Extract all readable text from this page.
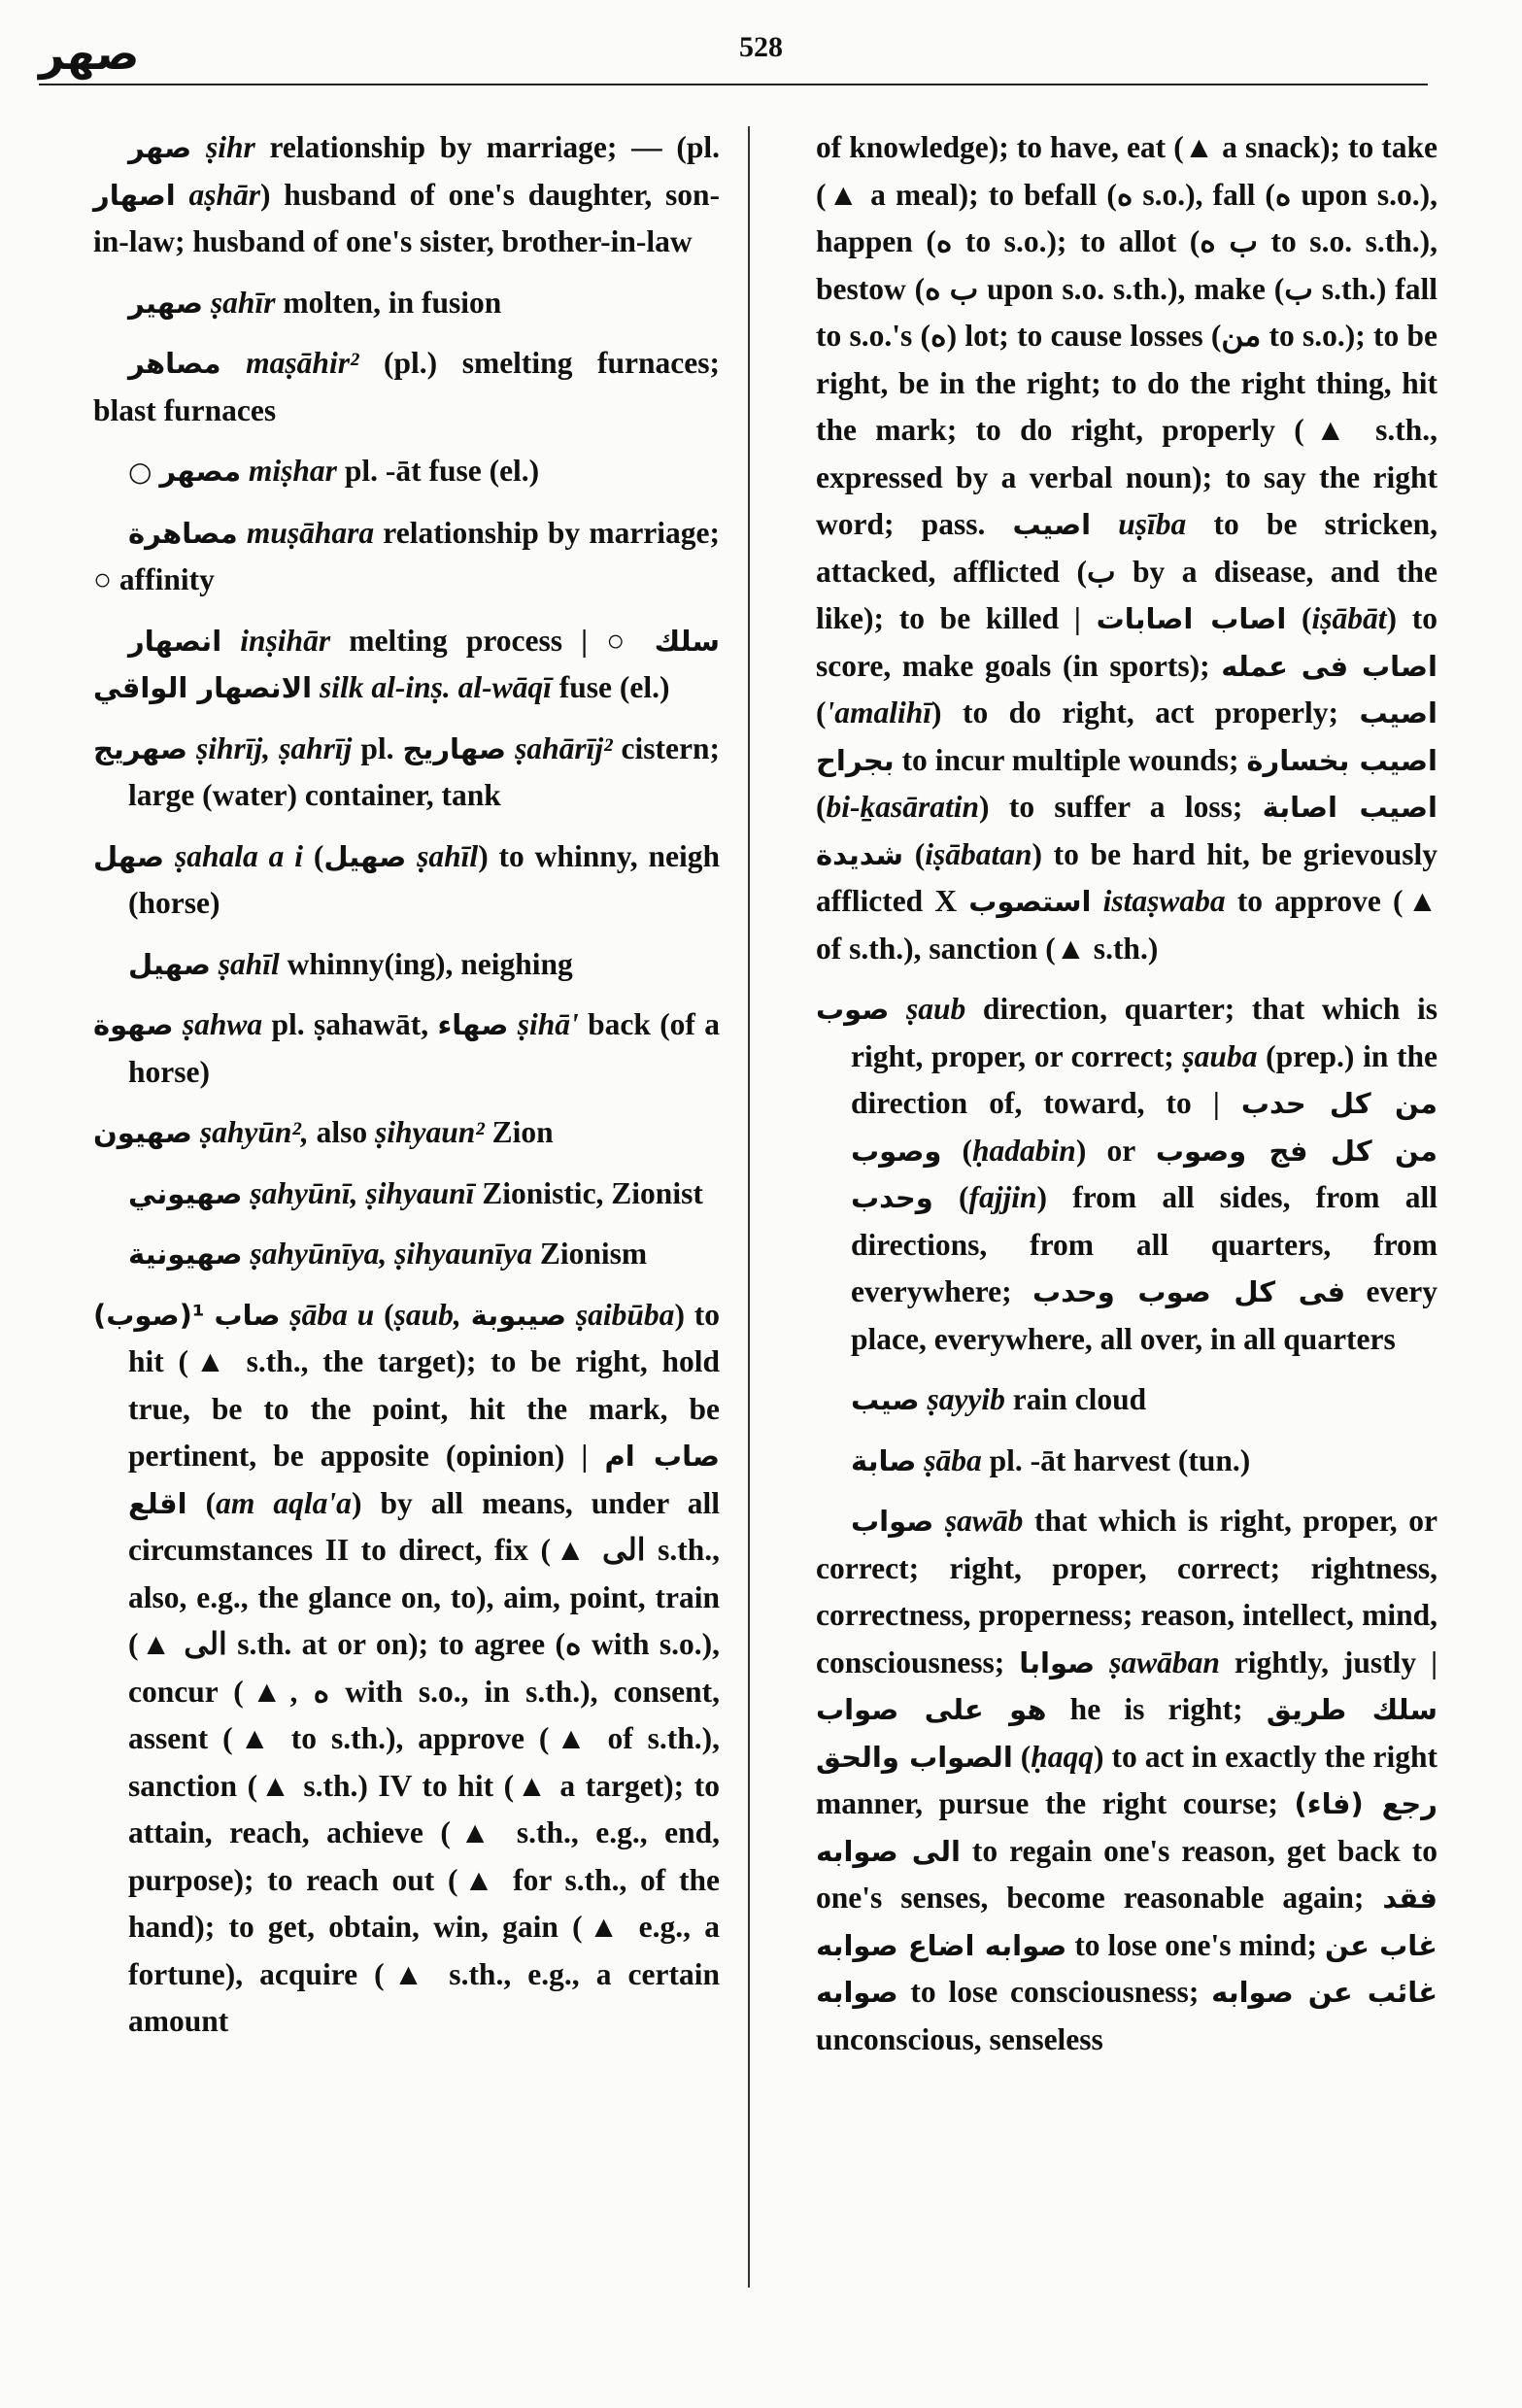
صهر	528

صهر ṣihr relationship by marriage; — (pl. اصهار aṣhār) husband of one's daughter, son-in-law; husband of one's sister, brother-in-law

صهير ṣahīr molten, in fusion

مصاهر maṣāhir² (pl.) smelting furnaces; blast furnaces

○ مصهر miṣhar pl. -āt fuse (el.)

مصاهرة muṣāhara relationship by marriage; ○ affinity

انصهار inṣihār melting process | ○ سلك الانصهار الواقي silk al-inṣ. al-wāqī fuse (el.)

صهريج ṣihrīj, ṣahrīj pl. صهاريج ṣahārīj² cistern; large (water) container, tank

صهل ṣahala a i (صهيل ṣahīl) to whinny, neigh (horse)

صهيل ṣahīl whinny(ing), neighing

صهوة ṣahwa pl. ṣahawāt, صهاء ṣihā' back (of a horse)

صهيون ṣahyūn², also ṣihyaun² Zion

صهيوني ṣahyūnī, ṣihyaunī Zionistic, Zionist

صهيونية ṣahyūnīya, ṣihyaunīya Zionism

¹(صوب) صاب ṣāba u (ṣaub, صيبوبة ṣaibūba) to hit (▲ s.th., the target); to be right, hold true, be to the point, hit the mark, be pertinent, be apposite (opinion) | صاب ام اقلع (am aqla'a) by all means, under all circumstances II to direct, fix (▲ الى s.th., also, e.g., the glance on, to), aim, point, train (▲ الى s.th. at or on); to agree (ه with s.o.), concur (▲, ه with s.o., in s.th.), consent, assent (▲ to s.th.), approve (▲ of s.th.), sanction (▲ s.th.) IV to hit (▲ a target); to attain, reach, achieve (▲ s.th., e.g., end, purpose); to reach out (▲ for s.th., of the hand); to get, obtain, win, gain (▲ e.g., a fortune), acquire (▲ s.th., e.g., a certain amount

of knowledge); to have, eat (▲ a snack); to take (▲ a meal); to befall (ه s.o.), fall (ه upon s.o.), happen (ه to s.o.); to allot (ب ه to s.o. s.th.), bestow (ب ه upon s.o. s.th.), make (ب s.th.) fall to s.o.'s (ه) lot; to cause losses (من to s.o.); to be right, be in the right; to do the right thing, hit the mark; to do right, properly (▲ s.th., expressed by a verbal noun); to say the right word; pass. اصيب uṣība to be stricken, attacked, afflicted (ب by a disease, and the like); to be killed | اصاب اصابات (iṣābāt) to score, make goals (in sports); اصاب فى عمله ('amalihī) to do right, act properly; اصيب بجراح to incur multiple wounds; اصيب بخسارة (bi-ḵasāratin) to suffer a loss; اصيب اصابة شديدة (iṣābatan) to be hard hit, be grievously afflicted X استصوب istaṣwaba to approve (▲ of s.th.), sanction (▲ s.th.)

صوب ṣaub direction, quarter; that which is right, proper, or correct; ṣauba (prep.) in the direction of, toward, to | من كل حدب وصوب (ḥadabin) or من كل فج وصوب وحدب (fajjin) from all sides, from all directions, from all quarters, from everywhere; فى كل صوب وحدب every place, everywhere, all over, in all quarters

صيب ṣayyib rain cloud

صابة ṣāba pl. -āt harvest (tun.)

صواب ṣawāb that which is right, proper, or correct; right, proper, correct; rightness, correctness, properness; reason, intellect, mind, consciousness; صوابا ṣawāban rightly, justly | هو على صواب he is right; سلك طريق الصواب والحق (ḥaqq) to act in exactly the right manner, pursue the right course; رجع (فاء) الى صوابه to regain one's reason, get back to one's senses, become reasonable again; فقد صوابه اضاع صوابه to lose one's mind; غاب عن صوابه to lose consciousness; غائب عن صوابه unconscious, senseless
